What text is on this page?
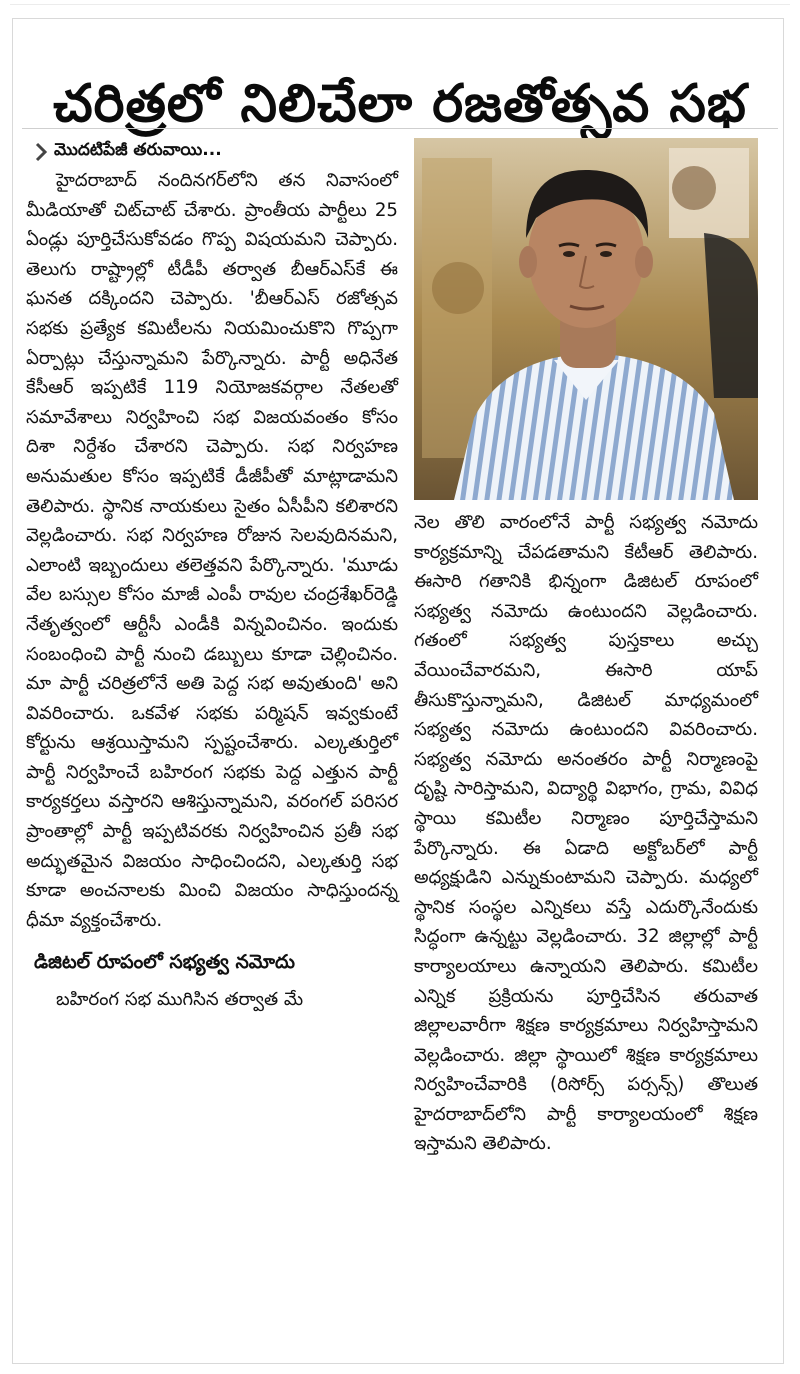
చరిత్రలో నిలిచేలా రజతోత్సవ సభ
మొదటిపేజీ తరువాయి...

హైదరాబాద్ నందినగర్‌లోని తన నివాసంలో మీడియాతో చిట్‌చాట్ చేశారు. ప్రాంతీయ పార్టీలు 25 ఏండ్లు పూర్తిచేసుకోవడం గొప్ప విషయమని చెప్పారు. తెలుగు రాష్ట్రాల్లో టీడీపీ తర్వాత బీఆర్ఎస్‌కే ఈ ఘనత దక్కిందని చెప్పారు. 'బీఆర్ఎస్ రజోత్సవ సభకు ప్రత్యేక కమిటీలను నియమించుకొని గొప్పగా ఏర్పాట్లు చేస్తున్నామని పేర్కొన్నారు. పార్టీ అధినేత కేసీఆర్ ఇప్పటికే 119 నియోజకవర్గాల నేతలతో సమావేశాలు నిర్వహించి సభ విజయవంతం కోసం దిశా నిర్దేశం చేశారని చెప్పారు. సభ నిర్వహణ అనుమతుల కోసం ఇప్పటికే డీజీపీతో మాట్లాడామని తెలిపారు. స్థానిక నాయకులు సైతం ఏసీపీని కలిశారని వెల్లడించారు. సభ నిర్వహణ రోజున సెలవుదినమని, ఎలాంటి ఇబ్బందులు తలెత్తవని పేర్కొన్నారు. 'మూడు వేల బస్సుల కోసం మాజీ ఎంపీ రావుల చంద్రశేఖర్‌రెడ్డి నేతృత్వంలో ఆర్టీసీ ఎండీకి విన్నవించినం. ఇందుకు సంబంధించి పార్టీ నుంచి డబ్బులు కూడా చెల్లించినం. మా పార్టీ చరిత్రలోనే అతి పెద్ద సభ అవుతుంది' అని వివరించారు. ఒకవేళ సభకు పర్మిషన్ ఇవ్వకుంటే కోర్టును ఆశ్రయిస్తామని స్పష్టంచేశారు. ఎల్కతుర్తిలో పార్టీ నిర్వహించే బహిరంగ సభకు పెద్ద ఎత్తున పార్టీ కార్యకర్తలు వస్తారని ఆశిస్తున్నామని, వరంగల్ పరిసర ప్రాంతాల్లో పార్టీ ఇప్పటివరకు నిర్వహించిన ప్రతీ సభ అద్భుతమైన విజయం సాధించిందని, ఎల్కతుర్తి సభ కూడా అంచనాలకు మించి విజయం సాధిస్తుందన్న ధీమా వ్యక్తంచేశారు.

డిజిటల్ రూపంలో సభ్యత్వ నమోదు

బహిరంగ సభ ముగిసిన తర్వాత మే

నెల తొలి వారంలోనే పార్టీ సభ్యత్వ నమోదు కార్యక్రమాన్ని చేపడతామని కేటీఆర్ తెలిపారు. ఈసారి గతానికి భిన్నంగా డిజిటల్ రూపంలో సభ్యత్వ నమోదు ఉంటుందని వెల్లడించారు. గతంలో సభ్యత్వ పుస్తకాలు అచ్చు వేయించేవారమని, ఈసారి యాప్ తీసుకొస్తున్నామని, డిజిటల్ మాధ్యమంలో సభ్యత్వ నమోదు ఉంటుందని వివరించారు. సభ్యత్వ నమోదు అనంతరం పార్టీ నిర్మాణంపై దృష్టి సారిస్తామని, విద్యార్థి విభాగం, గ్రామ, వివిధ స్థాయి కమిటీల నిర్మాణం పూర్తిచేస్తామని పేర్కొన్నారు. ఈ ఏడాది అక్టోబర్‌లో పార్టీ అధ్యక్షుడిని ఎన్నుకుంటామని చెప్పారు. మధ్యలో స్థానిక సంస్థల ఎన్నికలు వస్తే ఎదుర్కొనేందుకు సిద్ధంగా ఉన్నట్టు వెల్లడించారు. 32 జిల్లాల్లో పార్టీ కార్యాలయాలు ఉన్నాయని తెలిపారు. కమిటీల ఎన్నిక ప్రక్రియను పూర్తిచేసిన తరువాత జిల్లాలవారీగా శిక్షణ కార్యక్రమాలు నిర్వహిస్తామని వెల్లడించారు. జిల్లా స్థాయిలో శిక్షణ కార్యక్రమాలు నిర్వహించేవారికి (రిసోర్స్ పర్సన్స్) తొలుత హైదరాబాద్‌లోని పార్టీ కార్యాలయంలో శిక్షణ ఇస్తామని తెలిపారు.
